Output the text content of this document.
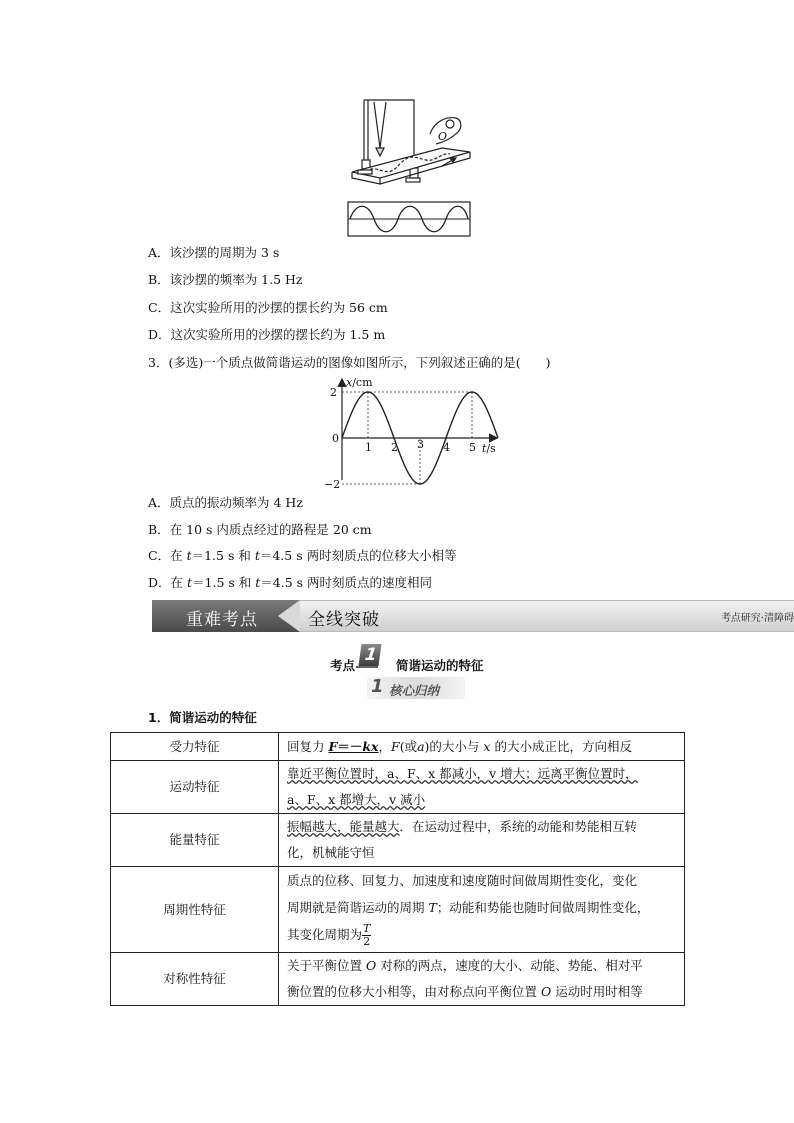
O
A．该沙摆的周期为 3 s
B．该沙摆的频率为 1.5 Hz
C．这次实验所用的沙摆的摆长约为 56 cm
D．这次实验所用的沙摆的摆长约为 1.5 m
3．(多选)一个质点做简谐运动的图像如图所示，下列叙述正确的是(　　)
1 2 3 4 5
2
−2
x/cm
t/s
0
A．质点的振动频率为 4 Hz
B．在 10 s 内质点经过的路程是 20 cm
C．在 t＝1.5 s 和 t＝4.5 s 两时刻质点的位移大小相等
D．在 t＝1.5 s 和 t＝4.5 s 两时刻质点的速度相同
重难考点	全线突破	考点研究·清障碍
考点
1
简谐运动的特征
1 核心归纳
1．简谐运动的特征
受力特征	回复力 F＝－kx，F(或a)的大小与 x 的大小成正比，方向相反
运动特征	靠近平衡位置时，a、F、x 都减小，v 增大；远离平衡位置时，
a、F、x 都增大，v 减小

能量特征	振幅越大，能量越大．在运动过程中，系统的动能和势能相互转
化，机械能守恒

周期性特征	质点的位移、回复力、加速度和速度随时间做周期性变化，变化
周期就是简谐运动的周期 T；动能和势能也随时间做周期性变化，
其变化周期为 $\frac{T}{2}$

对称性特征	关于平衡位置 O 对称的两点，速度的大小、动能、势能、相对平
衡位置的位移大小相等，由对称点向平衡位置 O 运动时用时相等
